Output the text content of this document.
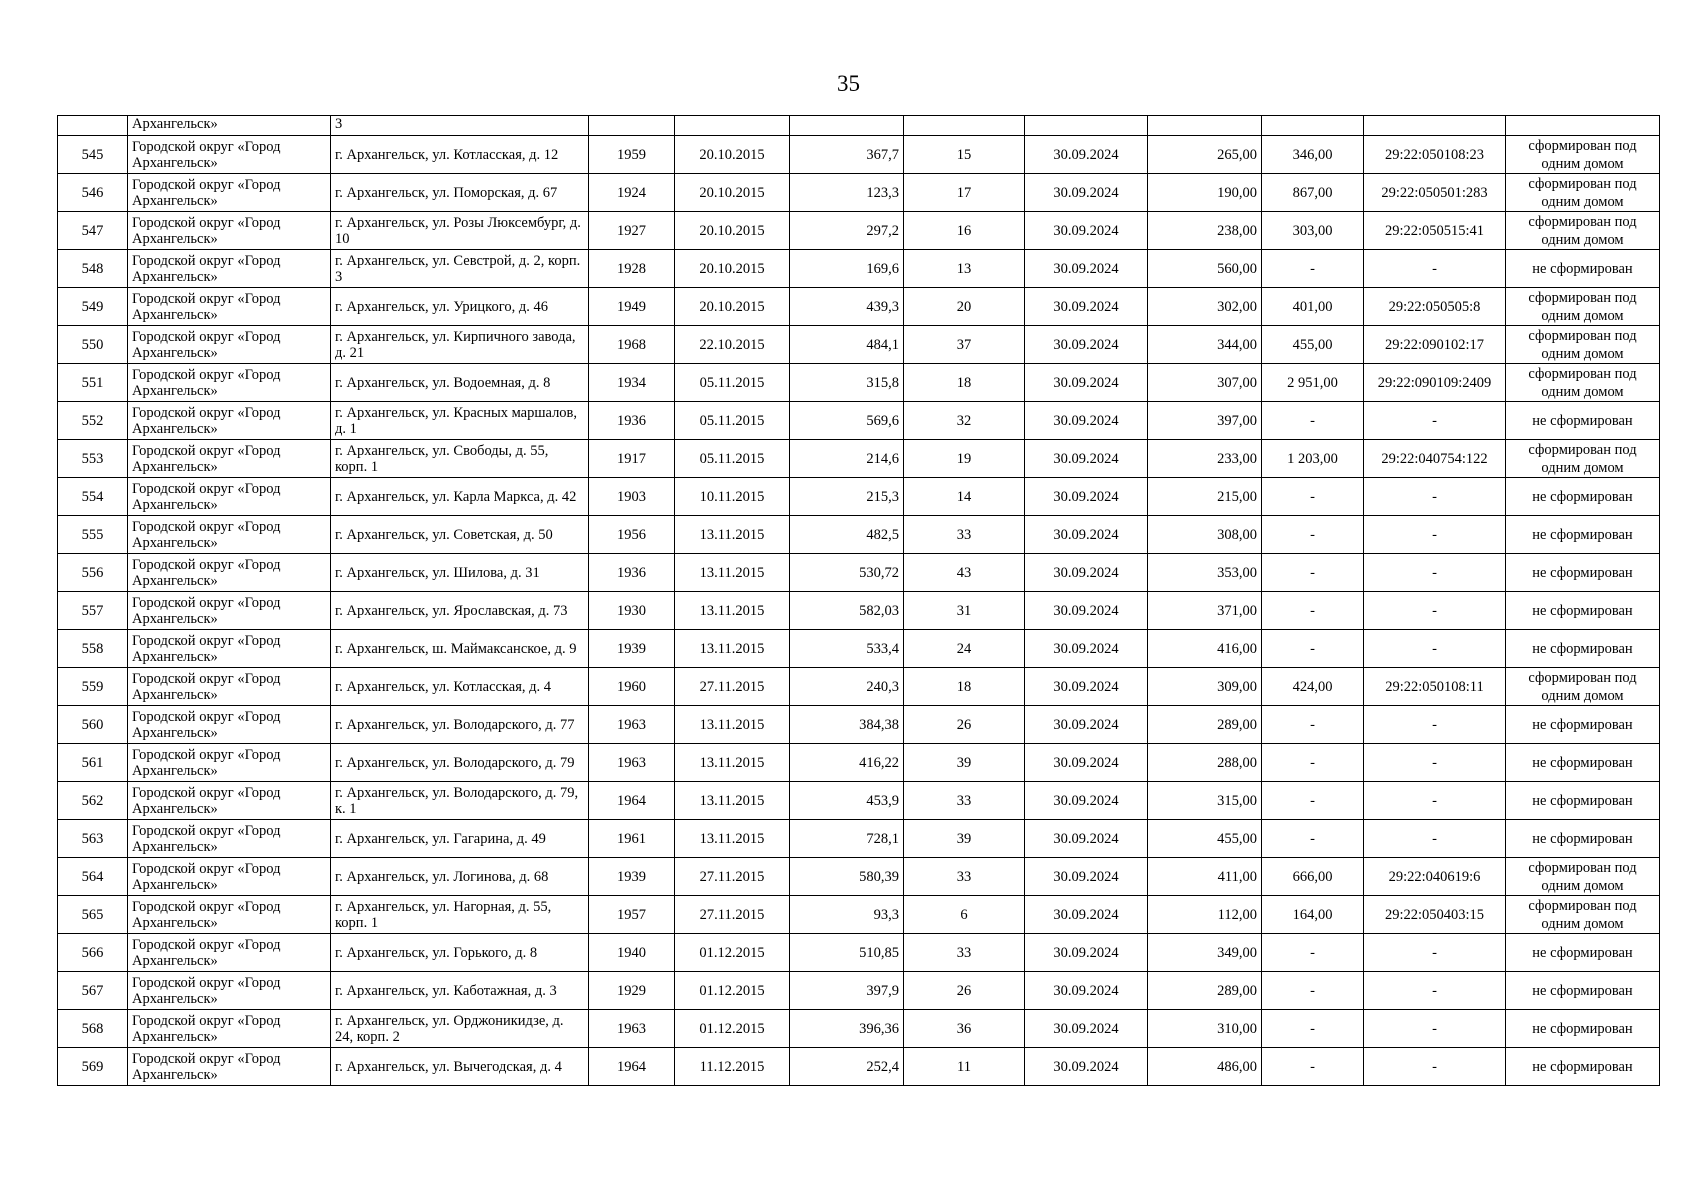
35
	Архангельск»	3									
545	Городской округ «Город Архангельск»	г. Архангельск, ул. Котласская, д. 12	1959	20.10.2015	367,7	15	30.09.2024	265,00	346,00	29:22:050108:23	сформирован под одним домом
546	Городской округ «Город Архангельск»	г. Архангельск, ул. Поморская, д. 67	1924	20.10.2015	123,3	17	30.09.2024	190,00	867,00	29:22:050501:283	сформирован под одним домом
547	Городской округ «Город Архангельск»	г. Архангельск, ул. Розы Люксембург, д. 10	1927	20.10.2015	297,2	16	30.09.2024	238,00	303,00	29:22:050515:41	сформирован под одним домом
548	Городской округ «Город Архангельск»	г. Архангельск, ул. Севстрой, д. 2, корп. 3	1928	20.10.2015	169,6	13	30.09.2024	560,00	-	-	не сформирован
549	Городской округ «Город Архангельск»	г. Архангельск, ул. Урицкого, д. 46	1949	20.10.2015	439,3	20	30.09.2024	302,00	401,00	29:22:050505:8	сформирован под одним домом
550	Городской округ «Город Архангельск»	г. Архангельск, ул. Кирпичного завода, д. 21	1968	22.10.2015	484,1	37	30.09.2024	344,00	455,00	29:22:090102:17	сформирован под одним домом
551	Городской округ «Город Архангельск»	г. Архангельск, ул. Водоемная, д. 8	1934	05.11.2015	315,8	18	30.09.2024	307,00	2 951,00	29:22:090109:2409	сформирован под одним домом
552	Городской округ «Город Архангельск»	г. Архангельск, ул. Красных маршалов, д. 1	1936	05.11.2015	569,6	32	30.09.2024	397,00	-	-	не сформирован
553	Городской округ «Город Архангельск»	г. Архангельск, ул. Свободы, д. 55, корп. 1	1917	05.11.2015	214,6	19	30.09.2024	233,00	1 203,00	29:22:040754:122	сформирован под одним домом
554	Городской округ «Город Архангельск»	г. Архангельск, ул. Карла Маркса, д. 42	1903	10.11.2015	215,3	14	30.09.2024	215,00	-	-	не сформирован
555	Городской округ «Город Архангельск»	г. Архангельск, ул. Советская, д. 50	1956	13.11.2015	482,5	33	30.09.2024	308,00	-	-	не сформирован
556	Городской округ «Город Архангельск»	г. Архангельск, ул. Шилова, д. 31	1936	13.11.2015	530,72	43	30.09.2024	353,00	-	-	не сформирован
557	Городской округ «Город Архангельск»	г. Архангельск, ул. Ярославская, д. 73	1930	13.11.2015	582,03	31	30.09.2024	371,00	-	-	не сформирован
558	Городской округ «Город Архангельск»	г. Архангельск, ш. Маймаксанское, д. 9	1939	13.11.2015	533,4	24	30.09.2024	416,00	-	-	не сформирован
559	Городской округ «Город Архангельск»	г. Архангельск, ул. Котласская, д. 4	1960	27.11.2015	240,3	18	30.09.2024	309,00	424,00	29:22:050108:11	сформирован под одним домом
560	Городской округ «Город Архангельск»	г. Архангельск, ул. Володарского, д. 77	1963	13.11.2015	384,38	26	30.09.2024	289,00	-	-	не сформирован
561	Городской округ «Город Архангельск»	г. Архангельск, ул. Володарского, д. 79	1963	13.11.2015	416,22	39	30.09.2024	288,00	-	-	не сформирован
562	Городской округ «Город Архангельск»	г. Архангельск, ул. Володарского, д. 79, к. 1	1964	13.11.2015	453,9	33	30.09.2024	315,00	-	-	не сформирован
563	Городской округ «Город Архангельск»	г. Архангельск, ул. Гагарина, д. 49	1961	13.11.2015	728,1	39	30.09.2024	455,00	-	-	не сформирован
564	Городской округ «Город Архангельск»	г. Архангельск, ул. Логинова, д. 68	1939	27.11.2015	580,39	33	30.09.2024	411,00	666,00	29:22:040619:6	сформирован под одним домом
565	Городской округ «Город Архангельск»	г. Архангельск, ул. Нагорная, д. 55, корп. 1	1957	27.11.2015	93,3	6	30.09.2024	112,00	164,00	29:22:050403:15	сформирован под одним домом
566	Городской округ «Город Архангельск»	г. Архангельск, ул. Горького, д. 8	1940	01.12.2015	510,85	33	30.09.2024	349,00	-	-	не сформирован
567	Городской округ «Город Архангельск»	г. Архангельск, ул. Каботажная, д. 3	1929	01.12.2015	397,9	26	30.09.2024	289,00	-	-	не сформирован
568	Городской округ «Город Архангельск»	г. Архангельск, ул. Орджоникидзе, д. 24, корп. 2	1963	01.12.2015	396,36	36	30.09.2024	310,00	-	-	не сформирован
569	Городской округ «Город Архангельск»	г. Архангельск, ул. Вычегодская, д. 4	1964	11.12.2015	252,4	11	30.09.2024	486,00	-	-	не сформирован
